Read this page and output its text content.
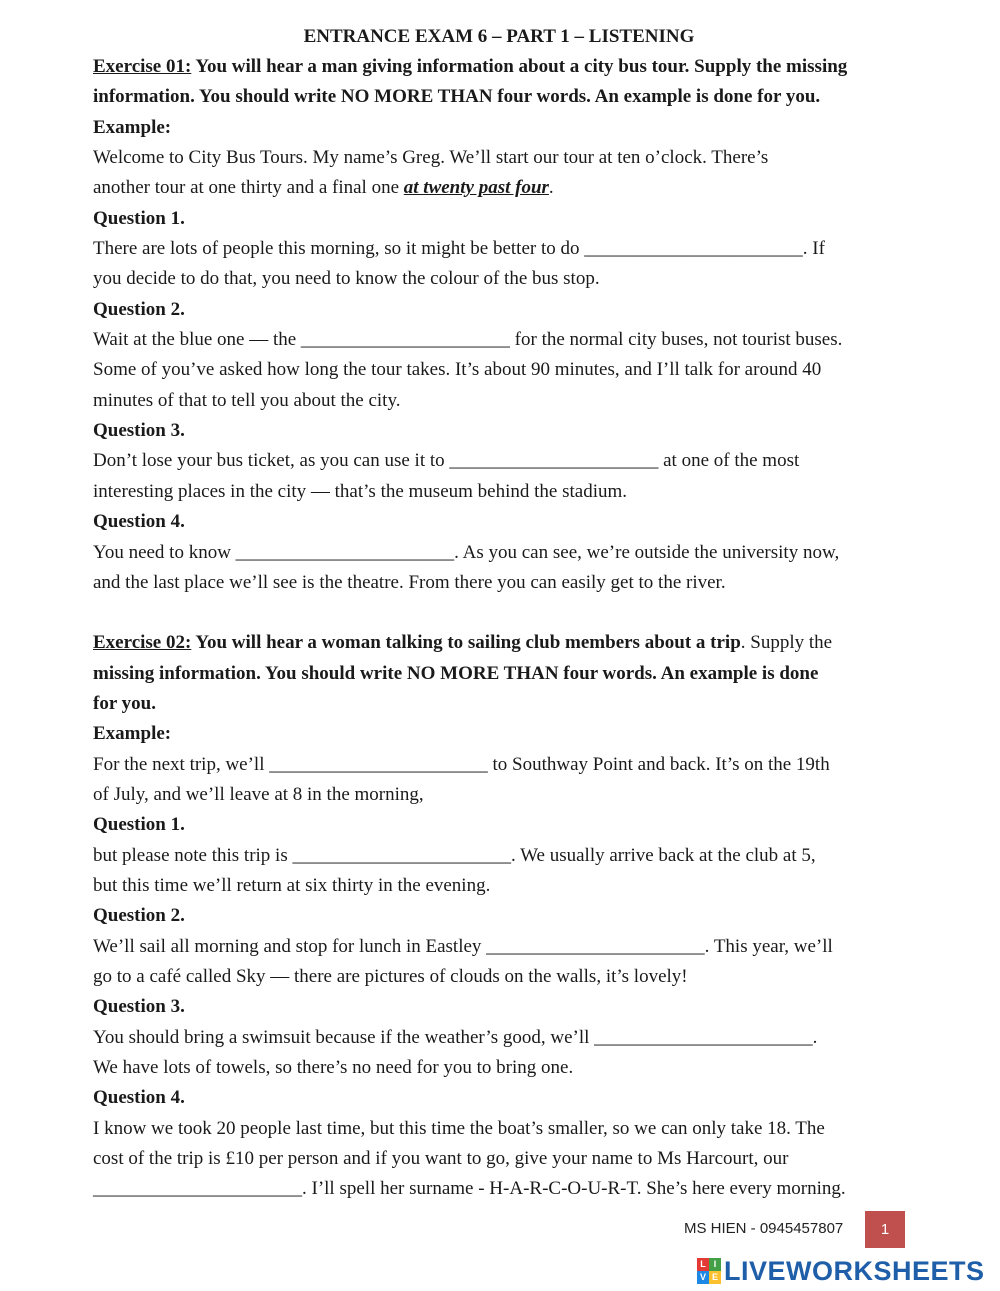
ENTRANCE EXAM 6 – PART 1 – LISTENING
Exercise 01: You will hear a man giving information about a city bus tour. Supply the missing
information. You should write NO MORE THAN four words. An example is done for you.
Example:
Welcome to City Bus Tours. My name’s Greg. We’ll start our tour at ten o’clock. There’s
another tour at one thirty and a final one at twenty past four.
Question 1.
There are lots of people this morning, so it might be better to do _______________________. If
you decide to do that, you need to know the colour of the bus stop.
Question 2.
Wait at the blue one — the ______________________ for the normal city buses, not tourist buses.
Some of you’ve asked how long the tour takes. It’s about 90 minutes, and I’ll talk for around 40
minutes of that to tell you about the city.
Question 3.
Don’t lose your bus ticket, as you can use it to ______________________ at one of the most
interesting places in the city — that’s the museum behind the stadium.
Question 4.
You need to know _______________________. As you can see, we’re outside the university now,
and the last place we’ll see is the theatre. From there you can easily get to the river.
Exercise 02: You will hear a woman talking to sailing club members about a trip. Supply the
missing information. You should write NO MORE THAN four words. An example is done
for you.
Example:
For the next trip, we’ll _______________________ to Southway Point and back. It’s on the 19th
of July, and we’ll leave at 8 in the morning,
Question 1.
but please note this trip is _______________________. We usually arrive back at the club at 5,
but this time we’ll return at six thirty in the evening.
Question 2.
We’ll sail all morning and stop for lunch in Eastley _______________________. This year, we’ll
go to a café called Sky — there are pictures of clouds on the walls, it’s lovely!
Question 3.
You should bring a swimsuit because if the weather’s good, we’ll _______________________.
We have lots of towels, so there’s no need for you to bring one.
Question 4.
I know we took 20 people last time, but this time the boat’s smaller, so we can only take 18. The
cost of the trip is £10 per person and if you want to go, give your name to Ms Harcourt, our
______________________. I’ll spell her surname - H-A-R-C-O-U-R-T. She’s here every morning.
MS HIEN - 0945457807	1
L I
V E LIVEWORKSHEETS
